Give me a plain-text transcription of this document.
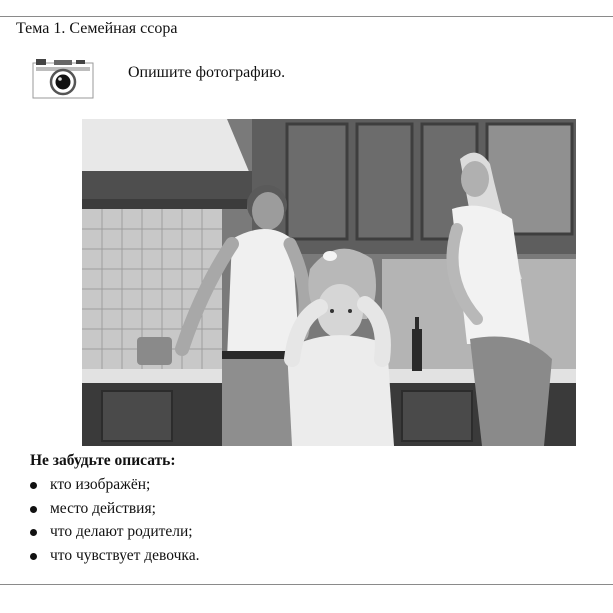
Тема 1. Семейная ссора
Опишите фотографию.
Не забудьте описать:
кто изображён;
место действия;
что делают родители;
что чувствует девочка.
